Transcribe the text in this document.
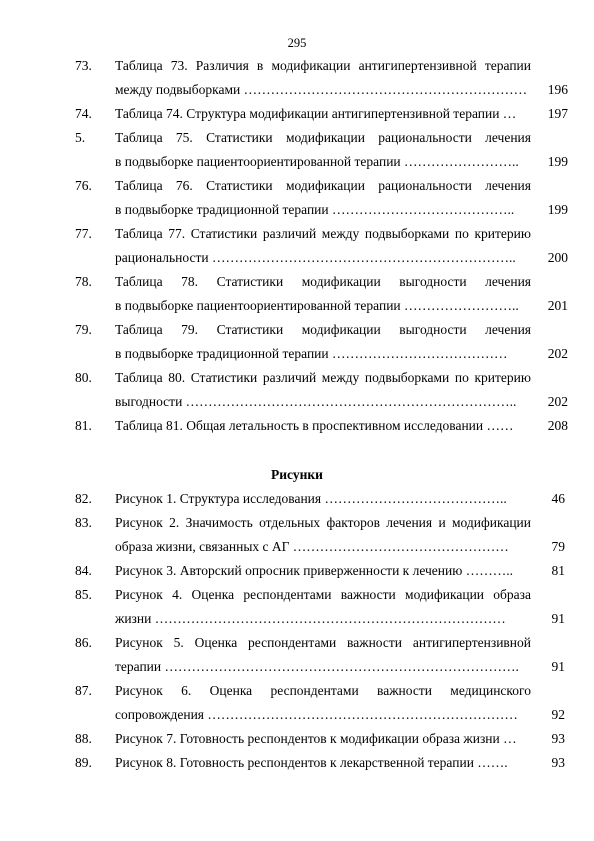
295
73. Таблица 73. Различия в модификации антигипертензивной терапии
между подвыборками ……………………………………………………… 196
74. Таблица 74. Структура модификации антигипертензивной терапии … 197
5. Таблица 75. Статистики модификации рациональности лечения
в подвыборке пациентоориентированной терапии …………………….. 199
76. Таблица 76. Статистики модификации рациональности лечения
в подвыборке традиционной терапии ………………………………….. 199
77. Таблица 77. Статистики различий между подвыборками по критерию
рациональности ………………………………………………………….. 200
78. Таблица 78. Статистики модификации выгодности лечения
в подвыборке пациентоориентированной терапии …………………….. 201
79. Таблица 79. Статистики модификации выгодности лечения
в подвыборке традиционной терапии …………………………………	202
80. Таблица 80. Статистики различий между подвыборками по критерию
выгодности ……………………………………………………………….. 202
81. Таблица 81. Общая летальность в проспективном исследовании ……	208
Рисунки
82. Рисунок 1. Структура исследования …………………………………..	46
83. Рисунок 2. Значимость отдельных факторов лечения и модификации
образа жизни, связанных с АГ …………………………………………	79
84. Рисунок 3. Авторский опросник приверженности к лечению ………..	81
85. Рисунок 4. Оценка респондентами важности модификации образа
жизни ……………………………………………………………………	91
86. Рисунок 5. Оценка респондентами важности антигипертензивной
терапии ……………………………………………………………………. 91
87. Рисунок 6. Оценка респондентами важности медицинского
сопровождения …………………………………………………………… 92
88. Рисунок 7. Готовность респондентов к модификации образа жизни …	93
89. Рисунок 8. Готовность респондентов к лекарственной терапии …….	93
